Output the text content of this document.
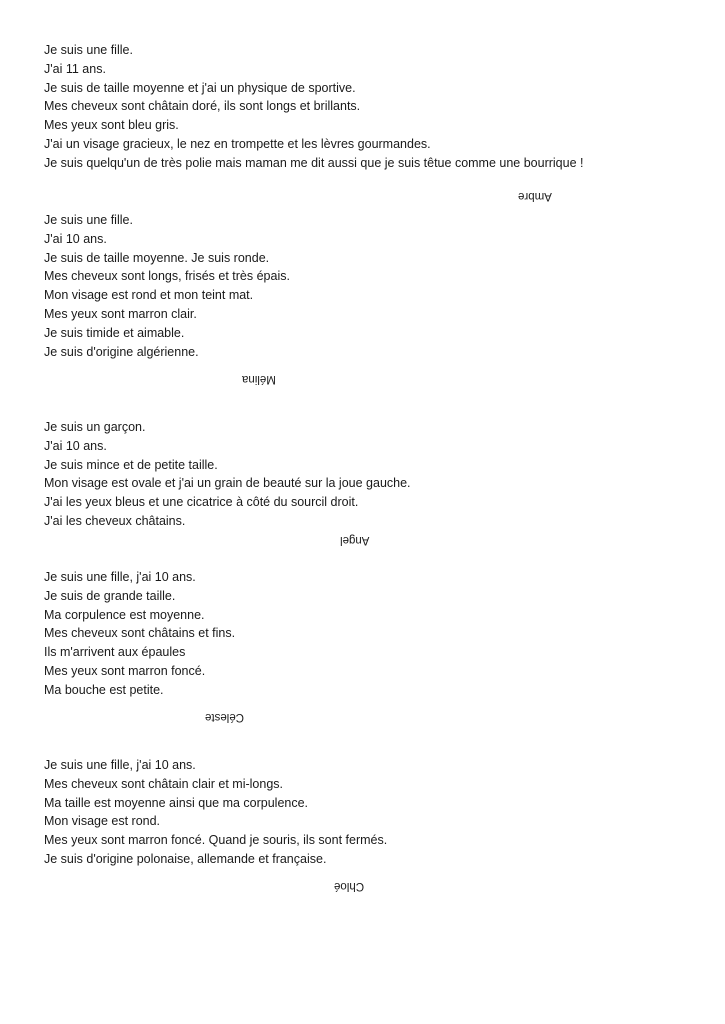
Je suis une fille.
J'ai 11 ans.
Je suis de taille moyenne et j'ai un physique de sportive.
Mes cheveux sont châtain doré, ils sont longs et brillants.
Mes yeux sont bleu gris.
J'ai un visage gracieux, le nez en trompette et les lèvres gourmandes.
Je suis quelqu'un de très polie mais maman me dit aussi que je suis têtue comme une bourrique !
Ambre
Je suis une fille.
J'ai 10 ans.
Je suis de taille moyenne. Je suis ronde.
Mes cheveux sont longs, frisés et très épais.
Mon visage est rond et mon teint mat.
Mes yeux sont marron clair.
Je suis timide et aimable.
Je suis d'origine algérienne.
Mélina
Je suis un garçon.
J'ai 10 ans.
Je suis mince et de petite taille.
Mon visage est ovale et j'ai un grain de beauté sur la joue gauche.
J'ai les yeux bleus et une cicatrice à côté du sourcil droit.
J'ai les cheveux châtains.
Angel
Je suis une fille, j'ai 10 ans.
Je suis de grande taille.
Ma corpulence est moyenne.
Mes cheveux sont châtains et fins.
Ils m'arrivent aux épaules
Mes yeux sont marron foncé.
Ma bouche est petite.
Céleste
Je suis une fille, j'ai 10 ans.
Mes cheveux sont châtain clair et mi-longs.
Ma taille est moyenne ainsi que ma corpulence.
Mon visage est rond.
Mes yeux sont marron foncé. Quand je souris, ils sont fermés.
Je suis d'origine polonaise, allemande et française.
Chloé
